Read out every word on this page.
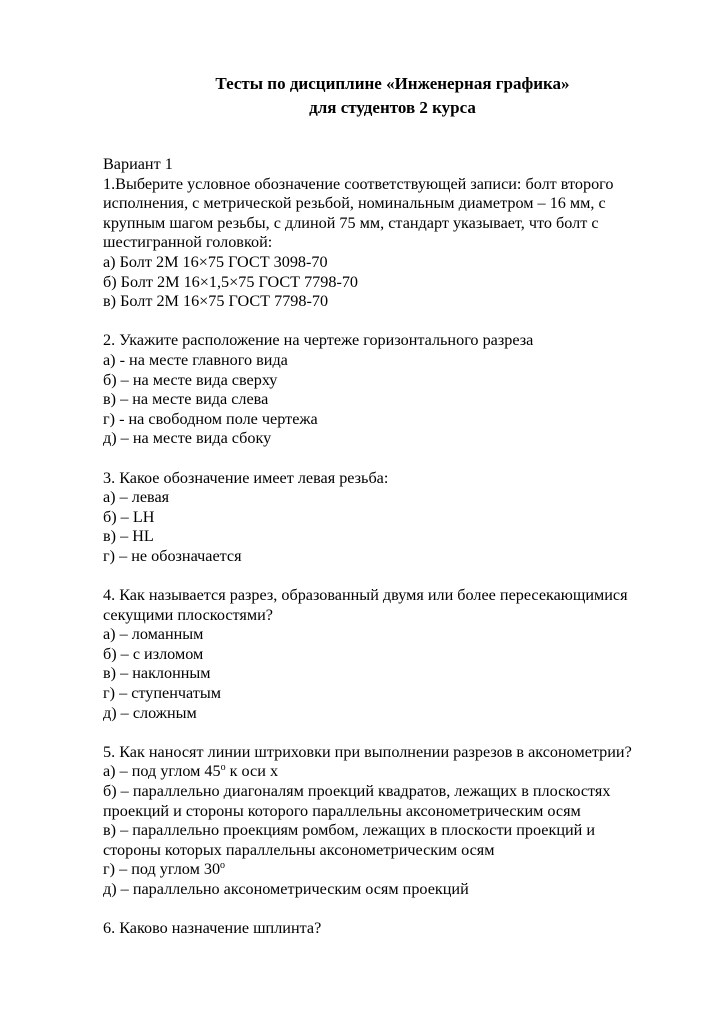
Тесты по дисциплине «Инженерная графика»
для студентов 2 курса
Вариант 1
1.Выберите условное обозначение соответствующей записи: болт второго
исполнения, с метрической резьбой, номинальным диаметром – 16 мм, с
крупным шагом резьбы, с длиной 75 мм, стандарт указывает, что болт с
шестигранной головкой:
а) Болт 2М 16×75 ГОСТ 3098-70
б) Болт 2М 16×1,5×75 ГОСТ 7798-70
в) Болт 2М 16×75 ГОСТ 7798-70
2. Укажите расположение на чертеже горизонтального разреза
а) - на месте главного вида
б) – на месте вида сверху
в) – на месте вида слева
г) - на свободном поле чертежа
д) – на месте вида сбоку
3. Какое обозначение имеет левая резьба:
а) – левая
б) – LH
в) – HL
г) – не обозначается
4. Как называется разрез, образованный двумя или более пересекающимися
секущими плоскостями?
а) – ломанным
б) – с изломом
в) – наклонным
г) – ступенчатым
д) – сложным
5. Как наносят линии штриховки при выполнении разрезов в аксонометрии?
а) – под углом $45^о$ к оси х
б) – параллельно диагоналям проекций квадратов, лежащих в плоскостях
проекций и стороны которого параллельны аксонометрическим осям
в) – параллельно проекциям ромбом, лежащих в плоскости проекций и
стороны которых параллельны аксонометрическим осям
г) – под углом $30^о$
д) – параллельно аксонометрическим осям проекций
6. Каково назначение шплинта?
